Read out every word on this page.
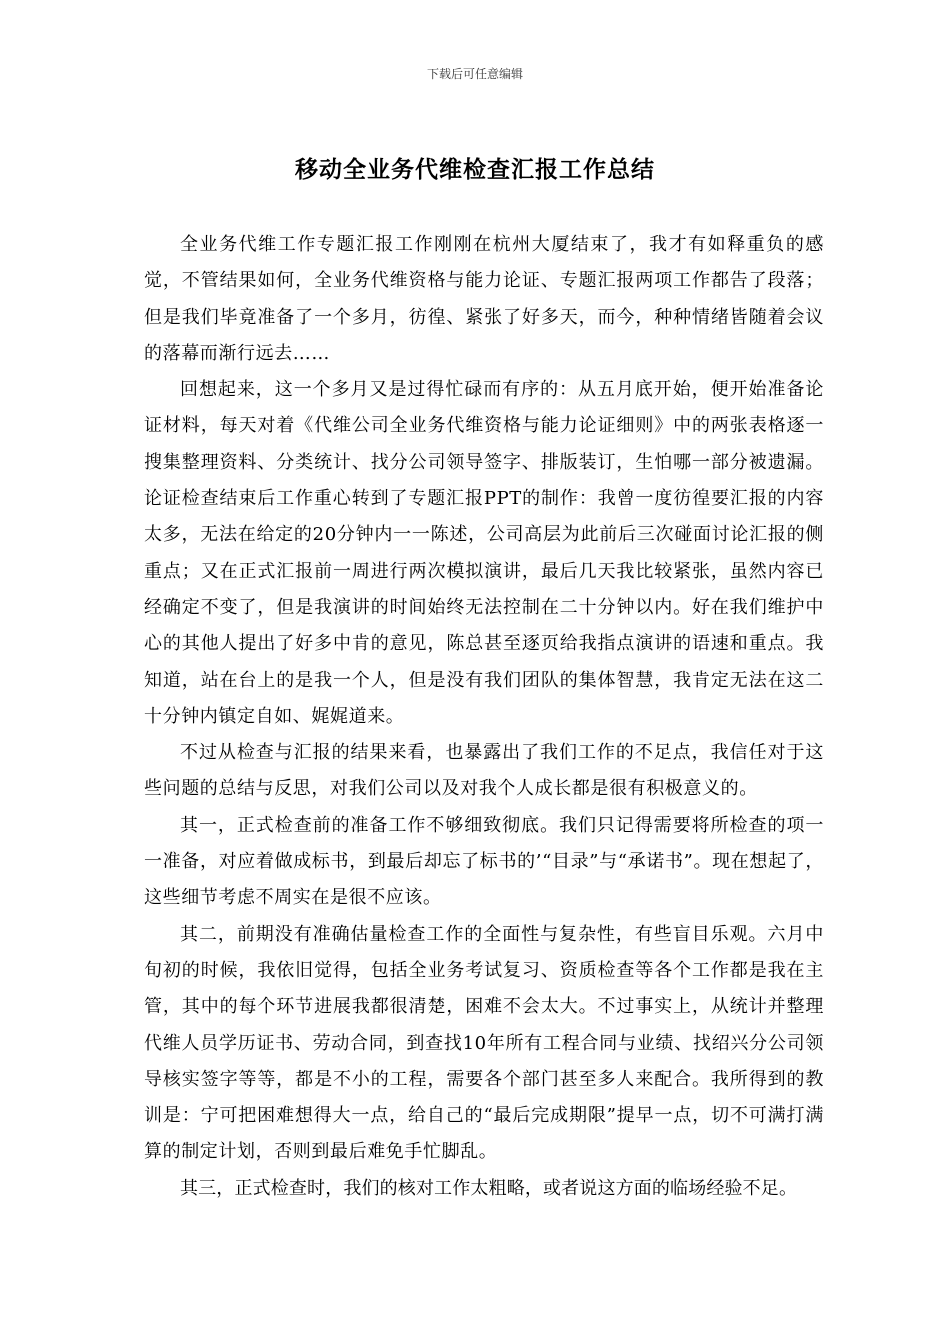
下载后可任意编辑
移动全业务代维检查汇报工作总结

全业务代维工作专题汇报工作刚刚在杭州大厦结束了，我才有如释重负的感觉，不管结果如何，全业务代维资格与能力论证、专题汇报两项工作都告了段落；但是我们毕竟准备了一个多月，彷徨、紧张了好多天，而今，种种情绪皆随着会议的落幕而渐行远去……

回想起来，这一个多月又是过得忙碌而有序的：从五月底开始，便开始准备论证材料，每天对着《代维公司全业务代维资格与能力论证细则》中的两张表格逐一搜集整理资料、分类统计、找分公司领导签字、排版装订，生怕哪一部分被遗漏。论证检查结束后工作重心转到了专题汇报PPT的制作：我曾一度彷徨要汇报的内容太多，无法在给定的20分钟内一一陈述，公司高层为此前后三次碰面讨论汇报的侧重点；又在正式汇报前一周进行两次模拟演讲，最后几天我比较紧张，虽然内容已经确定不变了，但是我演讲的时间始终无法控制在二十分钟以内。好在我们维护中心的其他人提出了好多中肯的意见，陈总甚至逐页给我指点演讲的语速和重点。我知道，站在台上的是我一个人，但是没有我们团队的集体智慧，我肯定无法在这二十分钟内镇定自如、娓娓道来。

不过从检查与汇报的结果来看，也暴露出了我们工作的不足点，我信任对于这些问题的总结与反思，对我们公司以及对我个人成长都是很有积极意义的。

其一，正式检查前的准备工作不够细致彻底。我们只记得需要将所检查的项一一准备，对应着做成标书，到最后却忘了标书的’“目录”与“承诺书”。现在想起了，这些细节考虑不周实在是很不应该。

其二，前期没有准确估量检查工作的全面性与复杂性，有些盲目乐观。六月中旬初的时候，我依旧觉得，包括全业务考试复习、资质检查等各个工作都是我在主管，其中的每个环节进展我都很清楚，困难不会太大。不过事实上，从统计并整理代维人员学历证书、劳动合同，到查找10年所有工程合同与业绩、找绍兴分公司领导核实签字等等，都是不小的工程，需要各个部门甚至多人来配合。我所得到的教训是：宁可把困难想得大一点，给自己的“最后完成期限”提早一点，切不可满打满算的制定计划，否则到最后难免手忙脚乱。

其三，正式检查时，我们的核对工作太粗略，或者说这方面的临场经验不足。
